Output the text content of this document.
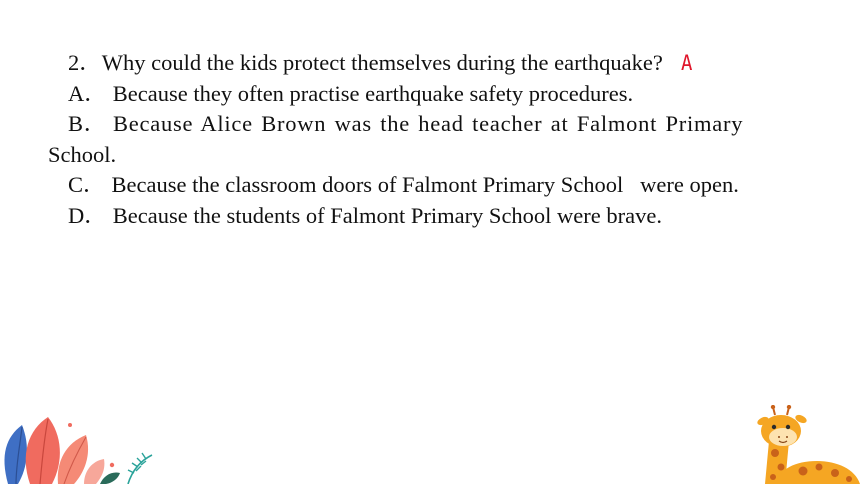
2．Why could the kids protect themselves during the earthquake? A
A． Because they often practise earthquake safety procedures.
B． Because Alice Brown was the head teacher at Falmont Primary
School.
C． Because the classroom doors of Falmont Primary School   were open.
D． Because the students of Falmont Primary School were brave.
